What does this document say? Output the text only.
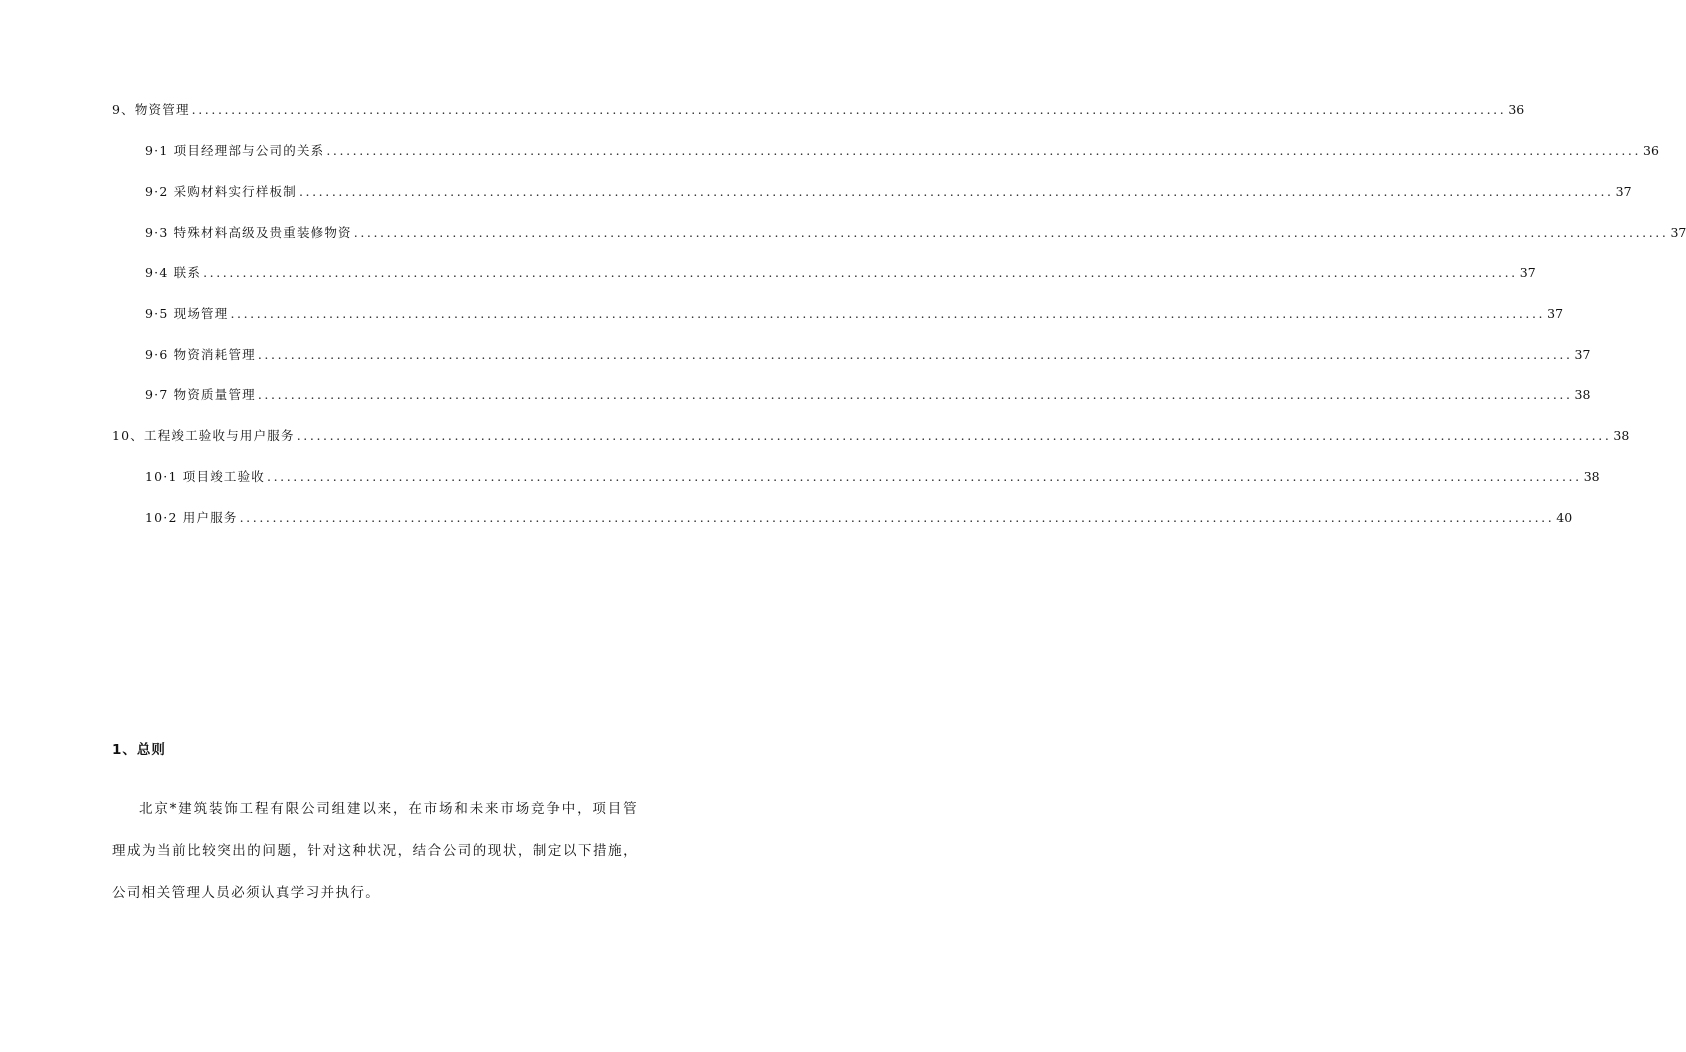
9、物资管理 ........................................................................................................................................................................................................ 36
9·1 项目经理部与公司的关系 ........................................................................................................................................................................................................ 36
9·2 采购材料实行样板制 ........................................................................................................................................................................................................ 37
9·3 特殊材料高级及贵重装修物资 ........................................................................................................................................................................................................ 37
9·4 联系 ........................................................................................................................................................................................................ 37
9·5 现场管理 ........................................................................................................................................................................................................ 37
9·6 物资消耗管理 ........................................................................................................................................................................................................ 37
9·7 物资质量管理 ........................................................................................................................................................................................................ 38
10、工程竣工验收与用户服务 ........................................................................................................................................................................................................ 38
10·1 项目竣工验收 ........................................................................................................................................................................................................ 38
10·2 用户服务 ........................................................................................................................................................................................................ 40
1、总则
北京*建筑装饰工程有限公司组建以来，在市场和未来市场竞争中，项目管理成为当前比较突出的问题，针对这种状况，结合公司的现状，制定以下措施，公司相关管理人员必须认真学习并执行。
